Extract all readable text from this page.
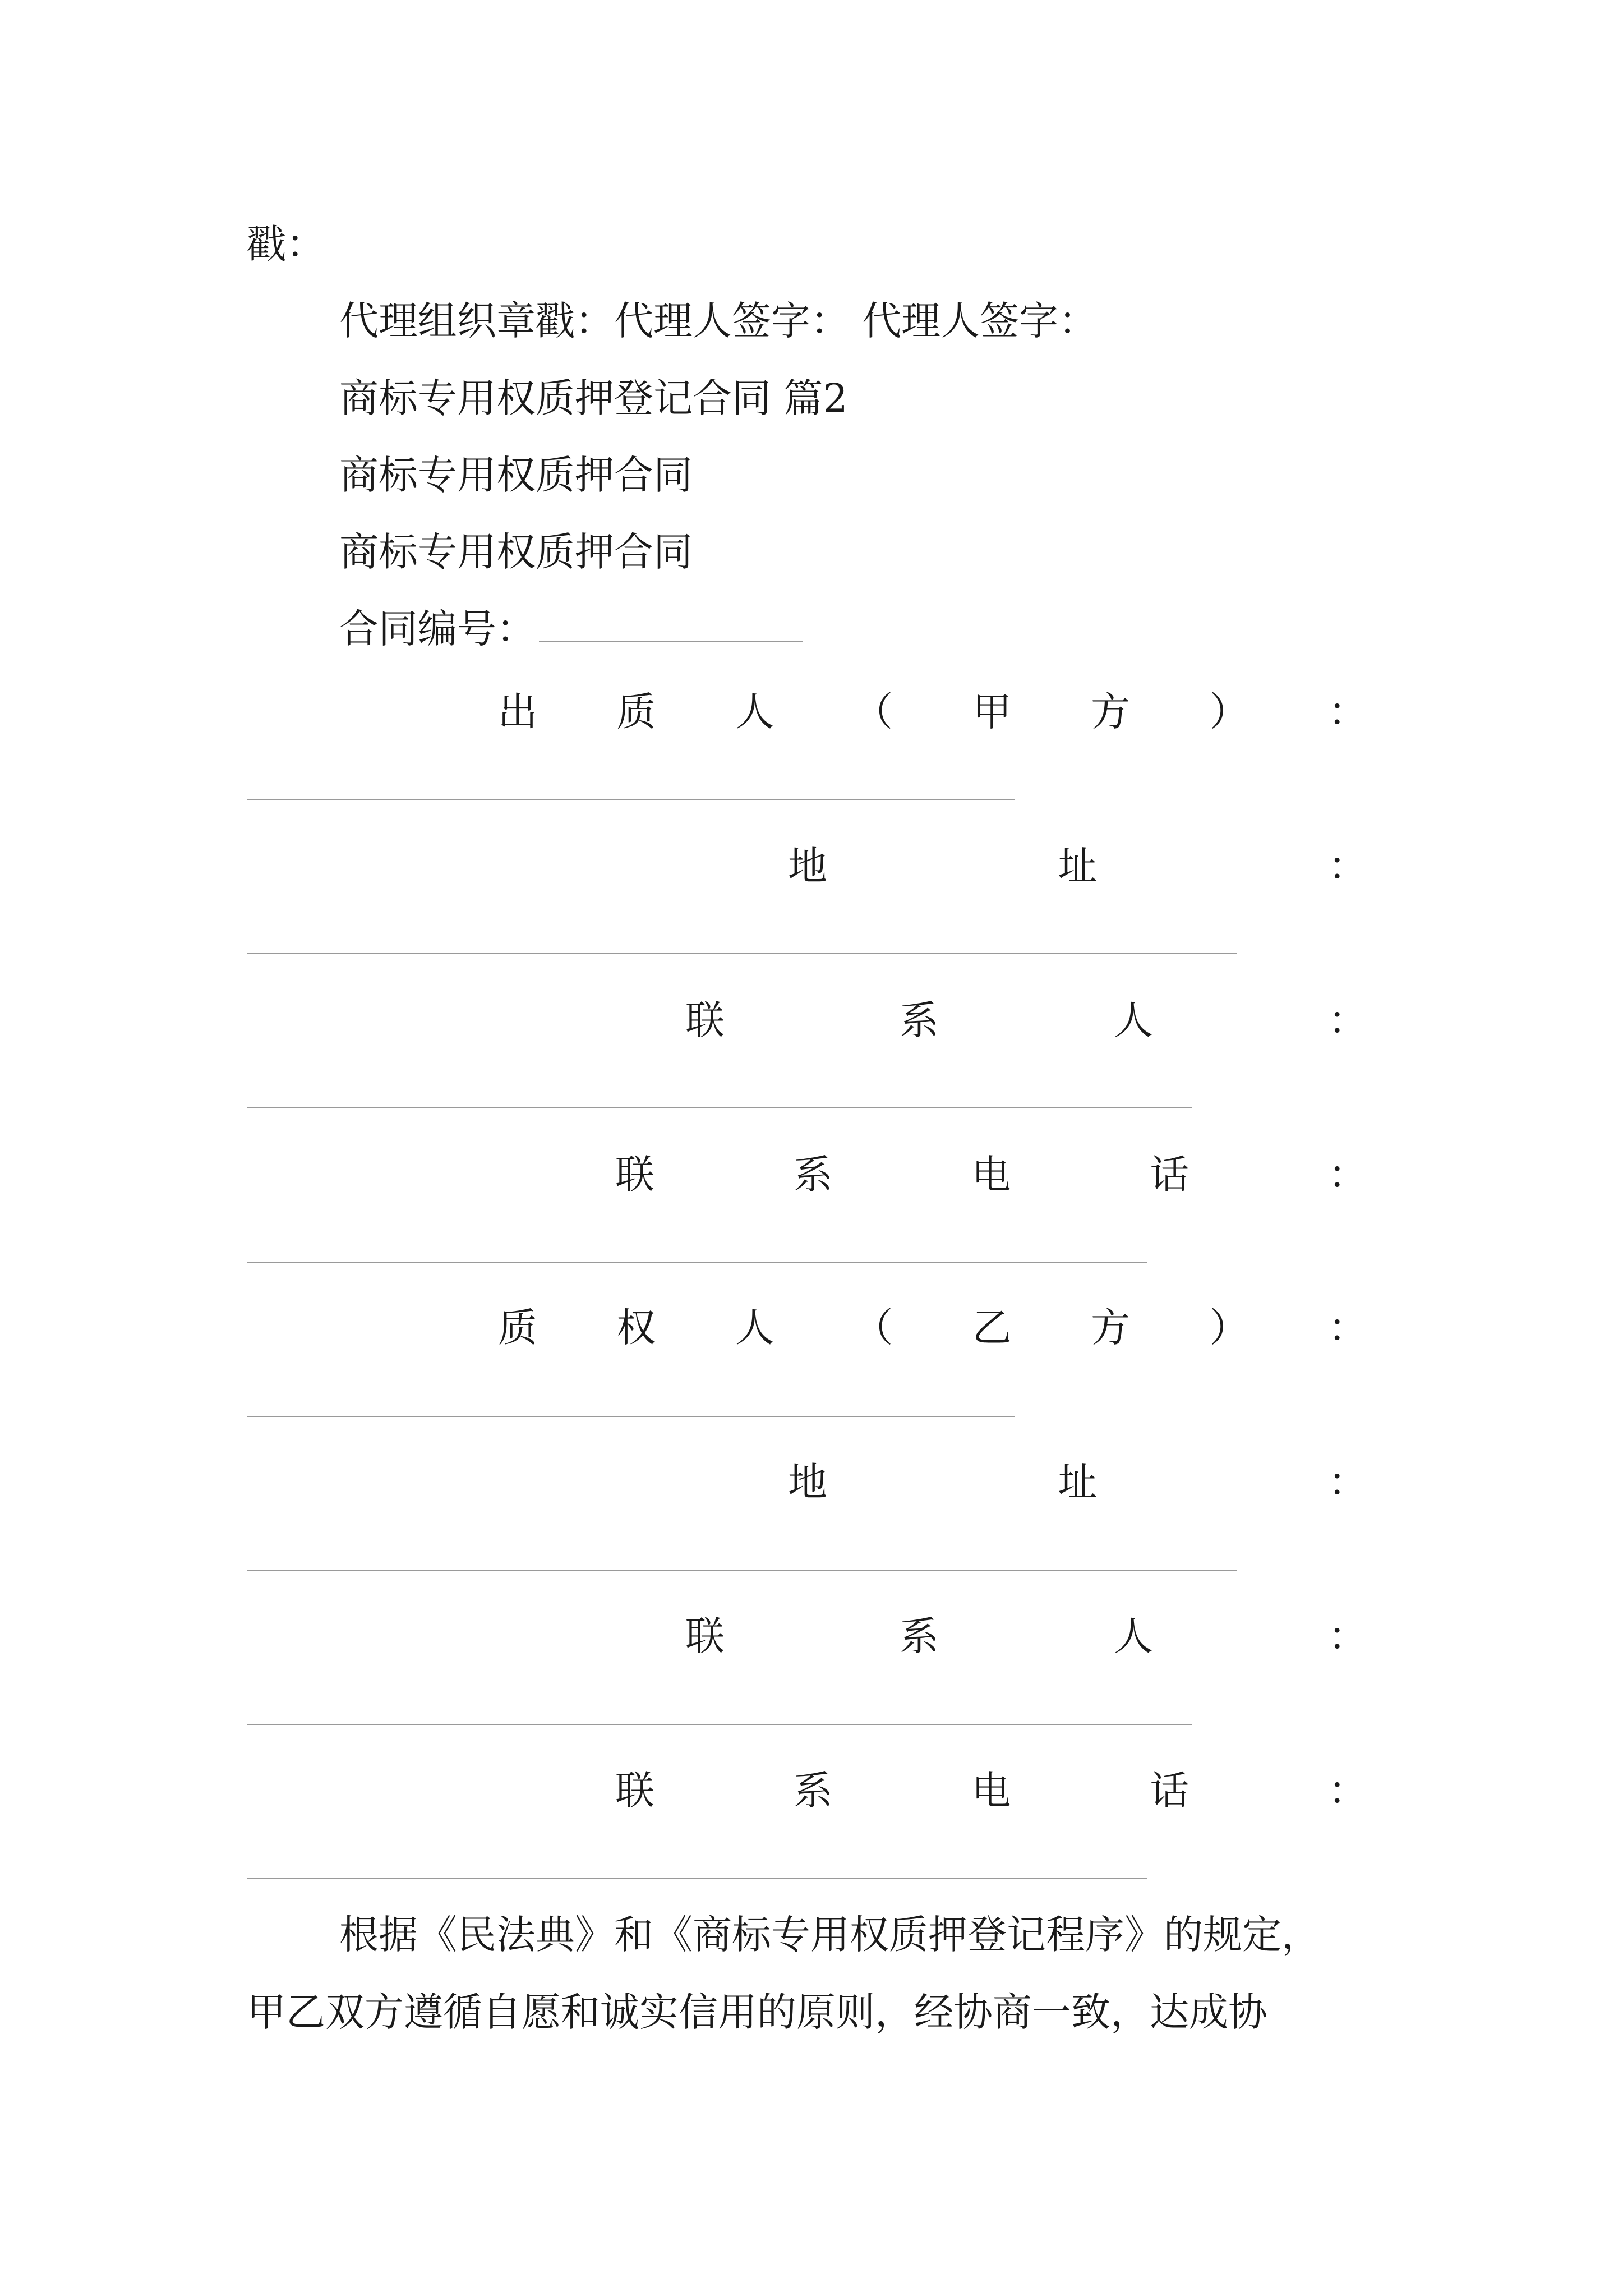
戳：
代理组织章戳：代理人签字： 代理人签字：
商标专用权质押登记合同 篇2
商标专用权质押合同
商标专用权质押合同
合同编号：
出 质 人 （ 甲 方 ） ：
地	址	：
联	系	人	：
联	系	电	话	：
质 权 人 （ 乙 方 ） ：
地	址	：
联	系	人	：
联	系	电	话	：
根据《民法典》和《商标专用权质押登记程序》的规定，
甲乙双方遵循自愿和诚实信用的原则，经协商一致，达成协
